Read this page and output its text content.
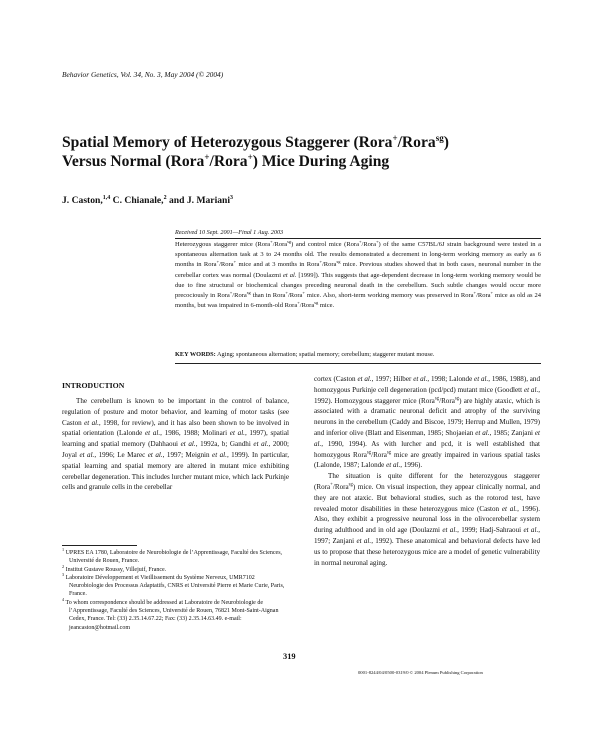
Behavior Genetics, Vol. 34, No. 3, May 2004 (© 2004)
Spatial Memory of Heterozygous Staggerer (Rora+/Rora$^{sg}$)
Versus Normal (Rora+/Rora+) Mice During Aging
J. Caston,$^{1,4}$ C. Chianale,$^2$ and J. Mariani$^3$
Received 10 Sept. 2001—Final 1 Aug. 2003
Heterozygous staggerer mice (Rora+/Rora$^{sg}$) and control mice (Rora+/Rora+) of the same C57BL/6J strain background were tested in a spontaneous alternation task at 3 to 24 months old. The results demonstrated a decrement in long-term working memory as early as 6 months in Rora+/Rora+ mice and at 3 months in Rora+/Rora$^{sg}$ mice. Previous studies showed that in both cases, neuronal number in the cerebellar cortex was normal (Doulazmi et al. [1999]). This suggests that age-dependent decrease in long-term working memory would be due to fine structural or biochemical changes preceding neuronal death in the cerebellum. Such subtle changes would occur more precociously in Rora+/Rora$^{sg}$ than in Rora+/Rora+ mice. Also, short-term working memory was preserved in Rora+/Rora+ mice as old as 24 months, but was impaired in 6-month-old Rora+/Rora$^{sg}$ mice.
KEY WORDS: Aging; spontaneous alternation; spatial memory; cerebellum; staggerer mutant mouse.
INTRODUCTION

The cerebellum is known to be important in the control of balance, regulation of posture and motor behavior, and learning of motor tasks (see Caston et al., 1998, for review), and it has also been shown to be involved in spatial orientation (Lalonde et al., 1986, 1988; Molinari et al., 1997), spatial learning and spatial memory (Dahhaoui et al., 1992a, b; Gandhi et al., 2000; Joyal et al., 1996; Le Marec et al., 1997; Meignin et al., 1999). In particular, spatial learning and spatial memory are altered in mutant mice exhibiting cerebellar degeneration. This includes lurcher mutant mice, which lack Purkinje cells and granule cells in the cerebellar

$^1$ UPRES EA 1780, Laboratoire de Neurobiologie de l’Apprentissage, Faculté des Sciences, Université de Rouen, France.

$^2$ Institut Gustave Roussy, Villejuif, France.

$^3$ Laboratoire Développement et Vieillissement du Système Nerveux, UMR7102 Neurobiologie des Processus Adaptatifs, CNRS et Université Pierre et Marie Curie, Paris, France.

$^4$ To whom correspondence should be addressed at Laboratoire de Neurobiologie de l’Apprentissage, Faculté des Sciences, Université de Rouen, 76821 Mont-Saint-Aignan Cedex, France. Tel: (33) 2.35.14.67.22; Fax: (33) 2.35.14.63.49. e-mail: jeancaston@hotmail.com

cortex (Caston et al., 1997; Hilber et al., 1998; Lalonde et al., 1986, 1988), and homozygous Purkinje cell degeneration (pcd/pcd) mutant mice (Goodlett et al., 1992). Homozygous staggerer mice (Rora$^{sg}$/Rora$^{sg}$) are highly ataxic, which is associated with a dramatic neuronal deficit and atrophy of the surviving neurons in the cerebellum (Caddy and Biscoe, 1979; Herrup and Mullen, 1979) and inferior olive (Blatt and Eisenman, 1985; Shojaeian et al., 1985; Zanjani et al., 1990, 1994). As with lurcher and pcd, it is well established that homozygous Rora$^{sg}$/Rora$^{sg}$ mice are greatly impaired in various spatial tasks (Lalonde, 1987; Lalonde et al., 1996).

The situation is quite different for the heterozygous staggerer (Rora+/Rora$^{sg}$) mice. On visual inspection, they appear clinically normal, and they are not ataxic. But behavioral studies, such as the rotorod test, have revealed motor disabilities in these heterozygous mice (Caston et al., 1996). Also, they exhibit a progressive neuronal loss in the olivocerebellar system during adulthood and in old age (Doulazmi et al., 1999; Hadj-Sahraoui et al., 1997; Zanjani et al., 1992). These anatomical and behavioral defects have led us to propose that these heterozygous mice are a model of genetic vulnerability in normal neuronal aging.

319
0001-8244/04/0500-0319/0 © 2004 Plenum Publishing Corporation
